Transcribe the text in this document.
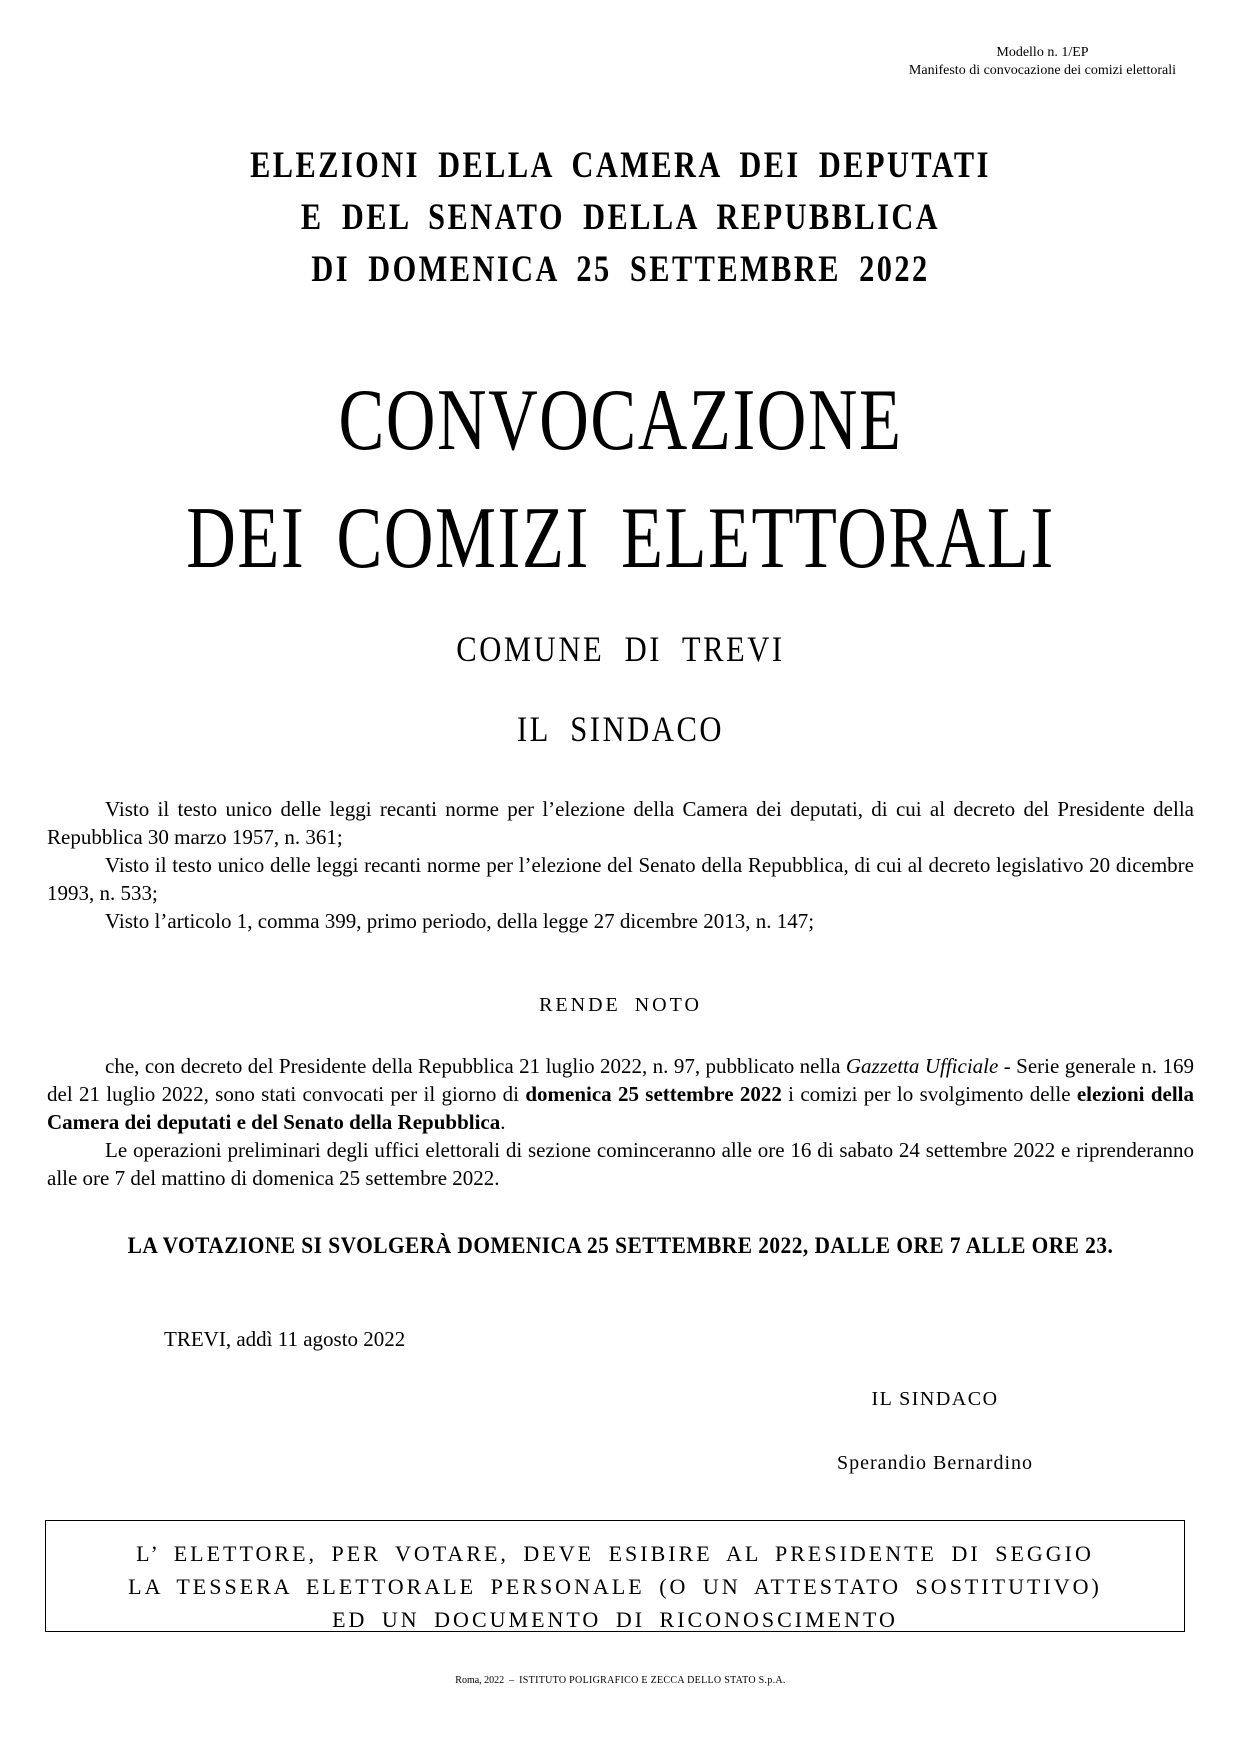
Modello n. 1/EP
Manifesto di convocazione dei comizi elettorali
ELEZIONI DELLA CAMERA DEI DEPUTATI
E DEL SENATO DELLA REPUBBLICA
DI DOMENICA 25 SETTEMBRE 2022
CONVOCAZIONE
DEI COMIZI ELETTORALI
COMUNE DI TREVI
IL SINDACO

Visto il testo unico delle leggi recanti norme per l’elezione della Camera dei deputati, di cui al decreto del Presidente della Repubblica 30 marzo 1957, n. 361;

Visto il testo unico delle leggi recanti norme per l’elezione del Senato della Repubblica, di cui al decreto legislativo 20 dicembre 1993, n. 533;

Visto l’articolo 1, comma 399, primo periodo, della legge 27 dicembre 2013, n. 147;

RENDE NOTO

che, con decreto del Presidente della Repubblica 21 luglio 2022, n. 97, pubblicato nella Gazzetta Ufficiale - Serie generale n. 169 del 21 luglio 2022, sono stati convocati per il giorno di domenica 25 settembre 2022 i comizi per lo svolgimento delle elezioni della Camera dei deputati e del Senato della Repubblica.

Le operazioni preliminari degli uffici elettorali di sezione cominceranno alle ore 16 di sabato 24 settembre 2022 e riprenderanno alle ore 7 del mattino di domenica 25 settembre 2022.

LA VOTAZIONE SI SVOLGERÀ DOMENICA 25 SETTEMBRE 2022, DALLE ORE 7 ALLE ORE 23.
TREVI, addì 11 agosto 2022
IL SINDACO
Sperandio Bernardino
L’ ELETTORE, PER VOTARE, DEVE ESIBIRE AL PRESIDENTE DI SEGGIO
LA TESSERA ELETTORALE PERSONALE (O UN ATTESTATO SOSTITUTIVO)
ED UN DOCUMENTO DI RICONOSCIMENTO
Roma, 2022 – ISTITUTO POLIGRAFICO E ZECCA DELLO STATO S.p.A.
